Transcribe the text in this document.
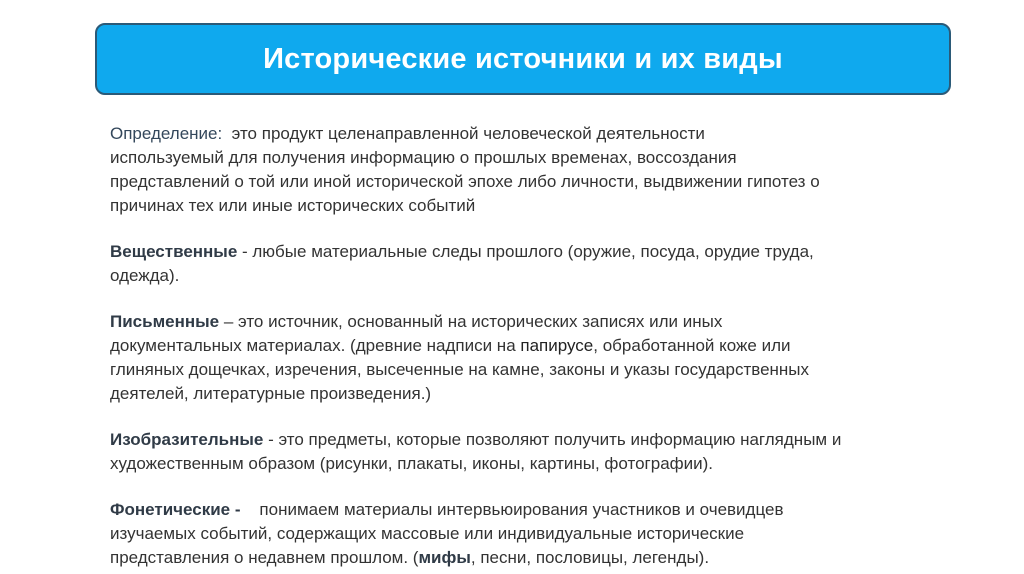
Исторические источники и их виды
Определение:  это продукт целенаправленной человеческой деятельности
используемый для получения информацию о прошлых временах, воссоздания
представлений о той или иной исторической эпохе либо личности, выдвижении гипотез о
причинах тех или иные исторических событий
Вещественные - любые материальные следы прошлого (оружие, посуда, орудие труда,
одежда).
Письменные – это источник, основанный на исторических записях или иных
документальных материалах. (древние надписи на папирусе, обработанной коже или
глиняных дощечках, изречения, высеченные на камне, законы и указы государственных
деятелей, литературные произведения.)
Изобразительные - это предметы, которые позволяют получить информацию наглядным и
художественным образом (рисунки, плакаты, иконы, картины, фотографии).
Фонетические -    понимаем материалы интервьюирования участников и очевидцев
изучаемых событий, содержащих массовые или индивидуальные исторические
представления о недавнем прошлом. (мифы, песни, пословицы, легенды).
